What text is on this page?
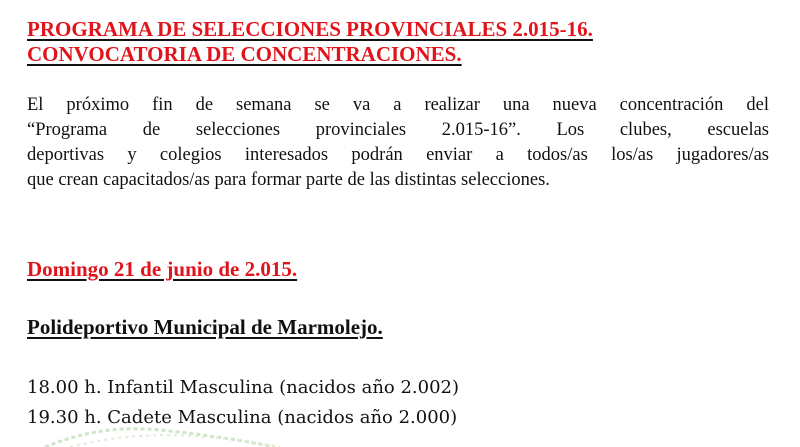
PROGRAMA DE SELECCIONES PROVINCIALES 2.015-16.
CONVOCATORIA DE CONCENTRACIONES.
El próximo fin de semana se va a realizar una nueva concentración del
“Programa de selecciones provinciales 2.015-16”. Los clubes, escuelas
deportivas y colegios interesados podrán enviar a todos/as los/as jugadores/as
que crean capacitados/as para formar parte de las distintas selecciones.
Domingo 21 de junio de 2.015.
Polideportivo Municipal de Marmolejo.
18.00 h. Infantil Masculina (nacidos año 2.002)
19.30 h. Cadete Masculina (nacidos año 2.000)
